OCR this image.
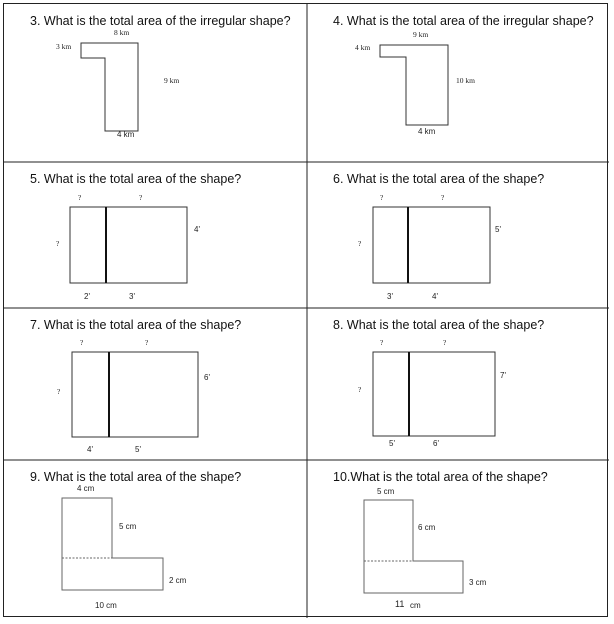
3. What is the total area of the irregular shape?
8 km
3 km
9 km
4 km
4. What is the total area of the irregular shape?
9 km
4 km
10 km
4 km
5. What is the total area of the shape?
?	?
?
4'
2'	3'
6. What is the total area of the shape?
?	?
?
5'
3'	4'
7. What is the total area of the shape?
?	?
?
6'
4'	5'
8. What is the total area of the shape?
?	?
?
7'
5'	6'
9. What is the total area of the shape?
4 cm
5 cm
2 cm
10 cm
10.What is the total area of the shape?
5 cm
6 cm
3 cm
11 cm
